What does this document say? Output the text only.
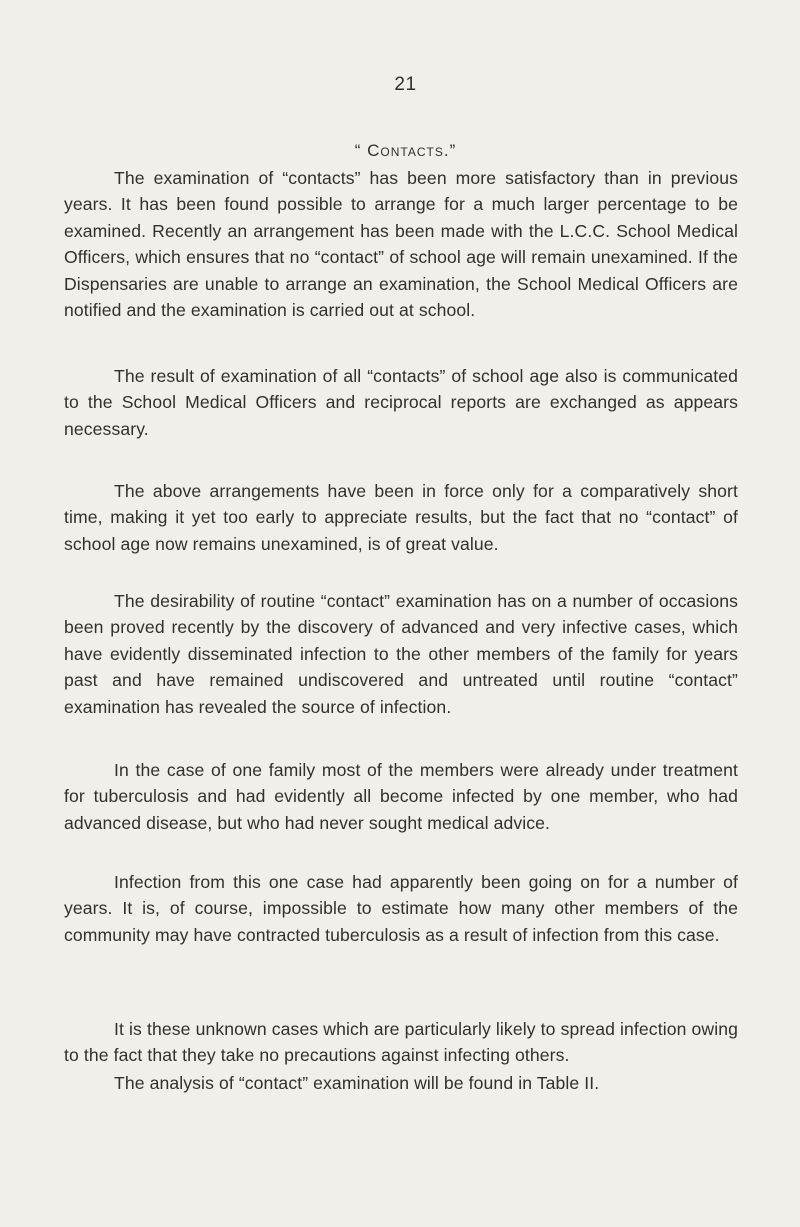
21
“ Contacts.”

The examination of “contacts” has been more satisfactory than in previous years. It has been found possible to arrange for a much larger percentage to be examined. Recently an arrangement has been made with the L.C.C. School Medical Officers, which ensures that no “contact” of school age will remain unexamined. If the Dispensaries are unable to arrange an examination, the School Medical Officers are notified and the examination is carried out at school.

The result of examination of all “contacts” of school age also is communicated to the School Medical Officers and reciprocal reports are exchanged as appears necessary.

The above arrangements have been in force only for a comparatively short time, making it yet too early to appreciate results, but the fact that no “contact” of school age now remains unexamined, is of great value.

The desirability of routine “contact” examination has on a number of occasions been proved recently by the discovery of advanced and very infective cases, which have evidently disseminated infection to the other members of the family for years past and have remained undiscovered and untreated until routine “contact” examination has revealed the source of infection.

In the case of one family most of the members were already under treatment for tuberculosis and had evidently all become infected by one member, who had advanced disease, but who had never sought medical advice.

Infection from this one case had apparently been going on for a number of years. It is, of course, impossible to estimate how many other members of the community may have contracted tuberculosis as a result of infection from this case.

It is these unknown cases which are particularly likely to spread infection owing to the fact that they take no precautions against infecting others.

The analysis of “contact” examination will be found in Table II.
